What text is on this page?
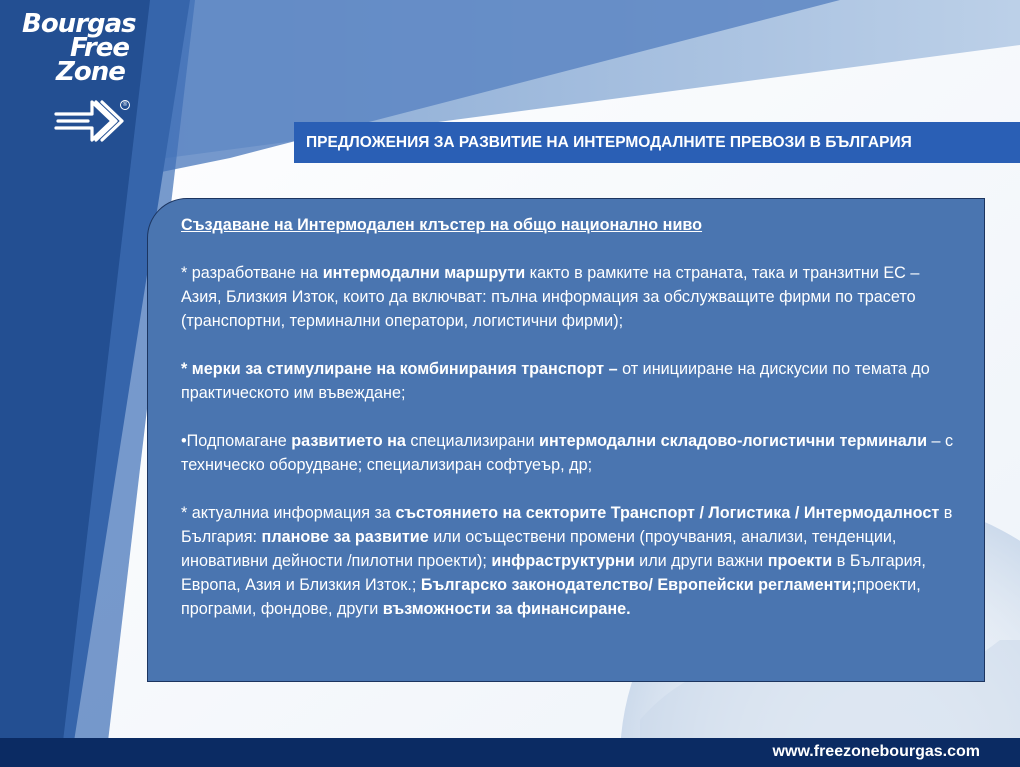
Bourgas
Free
Zone
®
ПРЕДЛОЖЕНИЯ ЗА РАЗВИТИЕ НА ИНТЕРМОДАЛНИТЕ ПРЕВОЗИ В БЪЛГАРИЯ

Създаване на Интермодален клъстер на общо национално ниво

* разработване на интермодални маршрути както в рамките на страната, така и транзитни ЕС – Азия, Близкия Изток, които да включват: пълна информация за обслужващите фирми по трасето (транспортни, терминални оператори, логистични фирми);

* мерки за стимулиране на комбинирания транспорт – от иницииране на дискусии по темата до практическото им въвеждане;

•Подпомагане развитието на специализирани интермодални складово-логистични терминали – с техническо оборудване; специализиран софтуеър, др;

* актуалниа информация за състоянието на секторите Транспорт / Логистика / Интермодалност в България: планове за развитие или осъществени промени (проучвания, анализи, тенденции, иновативни дейности /пилотни проекти); инфраструктурни или други важни проекти в България, Европа, Азия и Близкия Изток.; Българско законодателство/ Европейски регламенти;проекти, програми, фондове, други възможности за финансиране.

www.freezonebourgas.com
